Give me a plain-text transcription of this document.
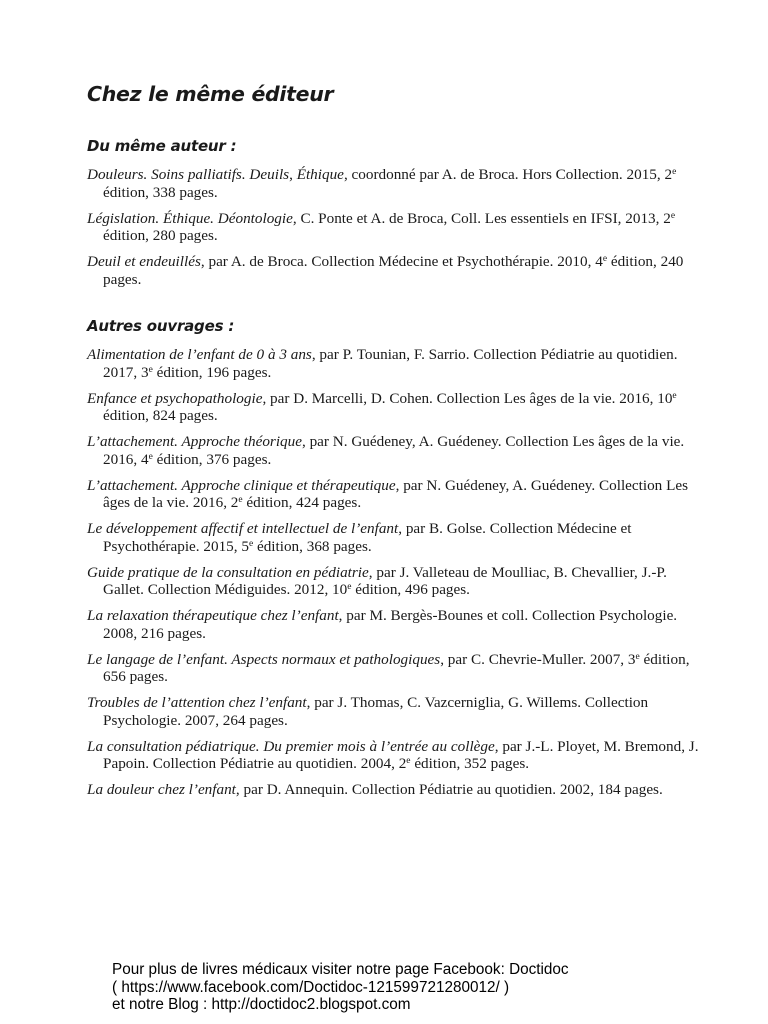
Chez le même éditeur
Du même auteur :
Douleurs. Soins palliatifs. Deuils, Éthique, coordonné par A. de Broca. Hors Collection. 2015, 2e édition, 338 pages.
Législation. Éthique. Déontologie, C. Ponte et A. de Broca, Coll. Les essentiels en IFSI, 2013, 2e édition, 280 pages.
Deuil et endeuillés, par A. de Broca. Collection Médecine et Psychothérapie. 2010, 4e édition, 240 pages.
Autres ouvrages :
Alimentation de l’enfant de 0 à 3 ans, par P. Tounian, F. Sarrio. Collection Pédiatrie au quotidien. 2017, 3e édition, 196 pages.
Enfance et psychopathologie, par D. Marcelli, D. Cohen. Collection Les âges de la vie. 2016, 10e édition, 824 pages.
L’attachement. Approche théorique, par N. Guédeney, A. Guédeney. Collection Les âges de la vie. 2016, 4e édition, 376 pages.
L’attachement. Approche clinique et thérapeutique, par N. Guédeney, A. Guédeney. Collection Les âges de la vie. 2016, 2e édition, 424 pages.
Le développement affectif et intellectuel de l’enfant, par B. Golse. Collection Médecine et Psychothérapie. 2015, 5e édition, 368 pages.
Guide pratique de la consultation en pédiatrie, par J. Valleteau de Moulliac, B. Chevallier, J.-P. Gallet. Collection Médiguides. 2012, 10e édition, 496 pages.
La relaxation thérapeutique chez l’enfant, par M. Bergès-Bounes et coll. Collection Psychologie. 2008, 216 pages.
Le langage de l’enfant. Aspects normaux et pathologiques, par C. Chevrie-Muller. 2007, 3e édition, 656 pages.
Troubles de l’attention chez l’enfant, par J. Thomas, C. Vazcerniglia, G. Willems. Collection Psychologie. 2007, 264 pages.
La consultation pédiatrique. Du premier mois à l’entrée au collège, par J.-L. Ployet, M. Bremond, J. Papoin. Collection Pédiatrie au quotidien. 2004, 2e édition, 352 pages.
La douleur chez l’enfant, par D. Annequin. Collection Pédiatrie au quotidien. 2002, 184 pages.
Pour plus de livres médicaux visiter notre page Facebook: Doctidoc
( https://www.facebook.com/Doctidoc-121599721280012/ )
et notre Blog : http://doctidoc2.blogspot.com
